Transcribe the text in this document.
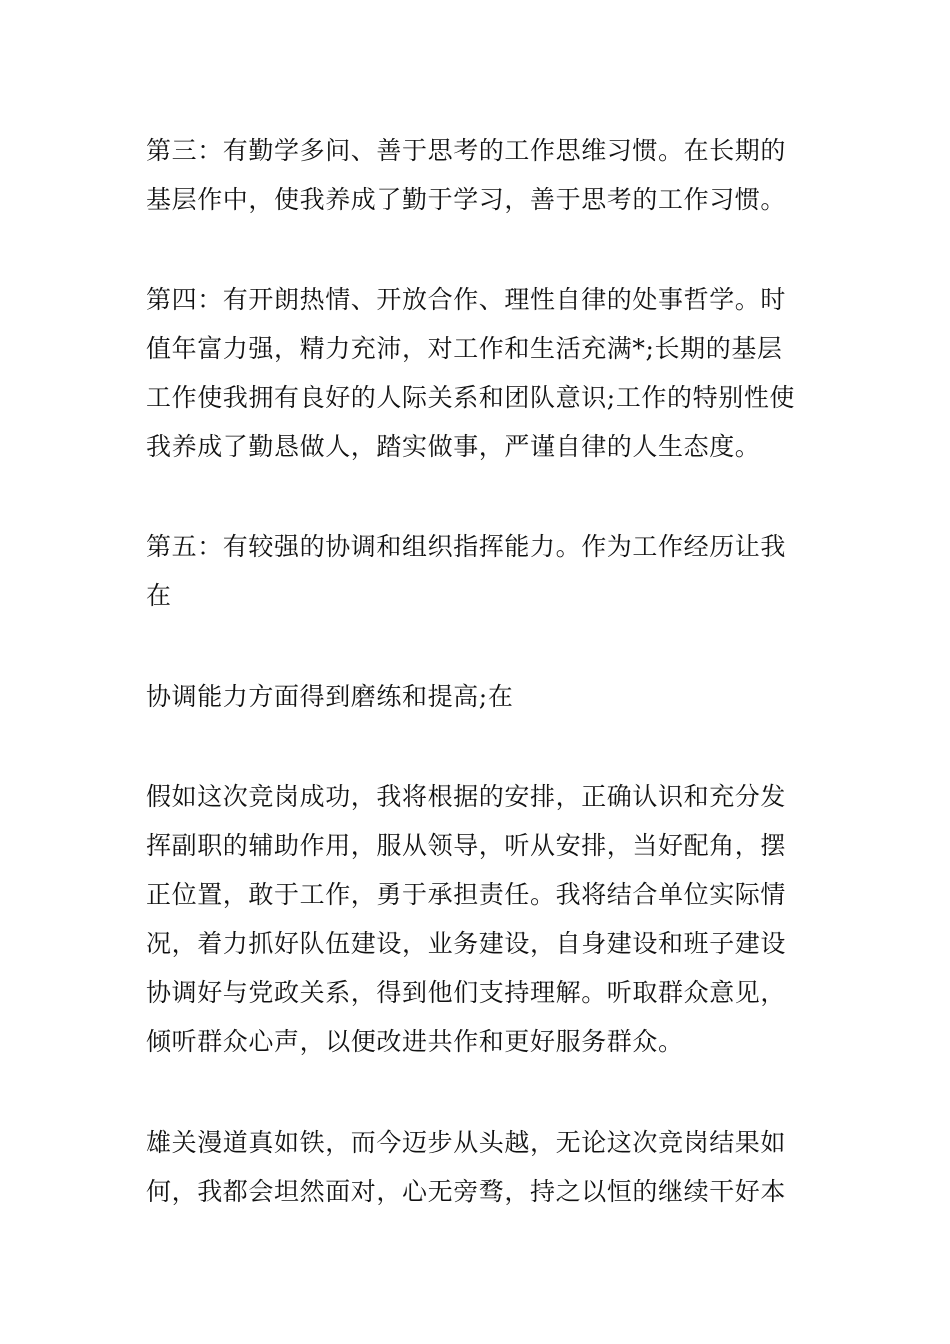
第三：有勤学多问、善于思考的工作思维习惯。在长期的
基层作中，使我养成了勤于学习，善于思考的工作习惯。

第四：有开朗热情、开放合作、理性自律的处事哲学。时
值年富力强，精力充沛，对工作和生活充满*;长期的基层
工作使我拥有良好的人际关系和团队意识;工作的特别性使
我养成了勤恳做人，踏实做事，严谨自律的人生态度。

第五：有较强的协调和组织指挥能力。作为工作经历让我
在

协调能力方面得到磨练和提高;在

假如这次竞岗成功，我将根据的安排，正确认识和充分发
挥副职的辅助作用，服从领导，听从安排，当好配角，摆
正位置，敢于工作，勇于承担责任。我将结合单位实际情
况，着力抓好队伍建设，业务建设，自身建设和班子建设
协调好与党政关系，得到他们支持理解。听取群众意见，
倾听群众心声，以便改进共作和更好服务群众。

雄关漫道真如铁，而今迈步从头越，无论这次竞岗结果如
何，我都会坦然面对，心无旁骛，持之以恒的继续干好本
